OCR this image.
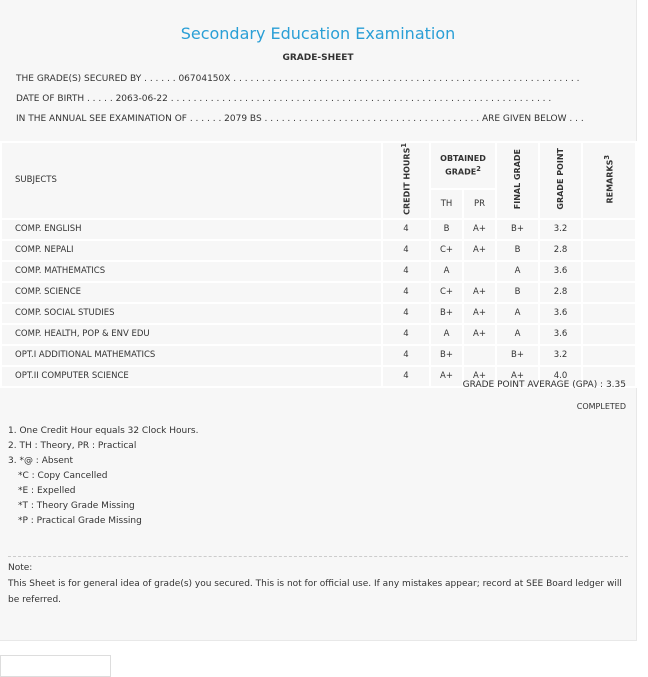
Secondary Education Examination
GRADE-SHEET
THE GRADE(S) SECURED BY . . . . . . 06704150X . . . . . . . . . . . . . . . . . . . . . . . . . . . . . . . . . . . . . . . . . . . . . . . . . . . . . . . . . . . . .
DATE OF BIRTH . . . . . 2063-06-22 . . . . . . . . . . . . . . . . . . . . . . . . . . . . . . . . . . . . . . . . . . . . . . . . . . . . . . . . . . . . . . . . . . .
IN THE ANNUAL SEE EXAMINATION OF . . . . . . 2079 BS . . . . . . . . . . . . . . . . . . . . . . . . . . . . . . . . . . . . . . ARE GIVEN BELOW . . .
SUBJECTS	CREDIT HOURS$^1$	OBTAINED GRADE$^2$		FINAL GRADE	GRADE POINT	REMARKS$^3$
		TH	PR			
COMP. ENGLISH	4	B	A+	B+	3.2	
COMP. NEPALI	4	C+	A+	B	2.8	
COMP. MATHEMATICS	4	A		A	3.6	
COMP. SCIENCE	4	C+	A+	B	2.8	
COMP. SOCIAL STUDIES	4	B+	A+	A	3.6	
COMP. HEALTH, POP & ENV EDU	4	A	A+	A	3.6	
OPT.I ADDITIONAL MATHEMATICS	4	B+		B+	3.2	
OPT.II COMPUTER SCIENCE	4	A+	A+	A+	4.0	
GRADE POINT AVERAGE (GPA) : 3.35
COMPLETED
1. One Credit Hour equals 32 Clock Hours.
2. TH : Theory, PR : Practical
3. *@ : Absent
*C : Copy Cancelled
*E : Expelled
*T : Theory Grade Missing
*P : Practical Grade Missing
Note:
This Sheet is for general idea of grade(s) you secured. This is not for official use. If any mistakes appear; record at SEE Board ledger will be referred.
